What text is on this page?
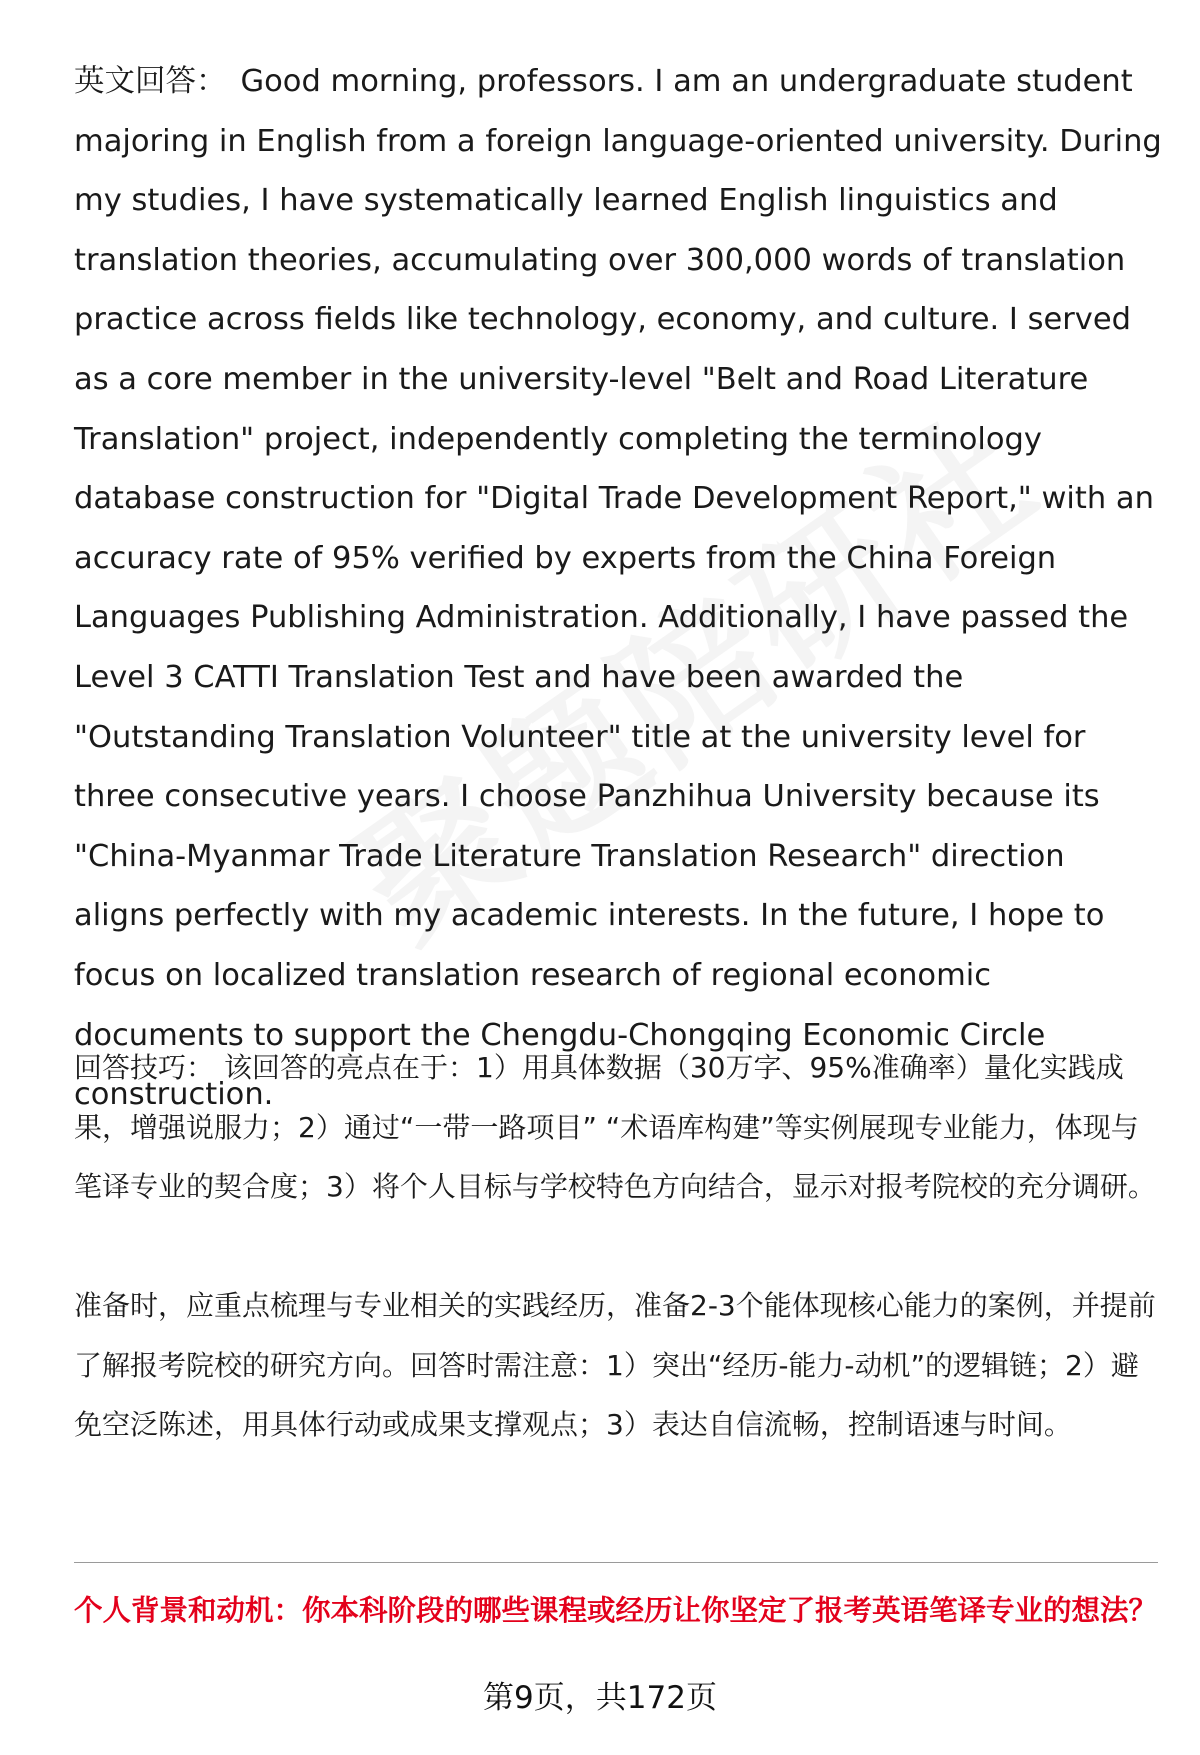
英文回答： Good morning, professors. I am an undergraduate student majoring in English from a foreign language-oriented university. During my studies, I have systematically learned English linguistics and translation theories, accumulating over 300,000 words of translation practice across fields like technology, economy, and culture. I served as a core member in the university-level "Belt and Road Literature Translation" project, independently completing the terminology database construction for "Digital Trade Development Report," with an accuracy rate of 95% verified by experts from the China Foreign Languages Publishing Administration. Additionally, I have passed the Level 3 CATTI Translation Test and have been awarded the "Outstanding Translation Volunteer" title at the university level for three consecutive years. I choose Panzhihua University because its "China-Myanmar Trade Literature Translation Research" direction aligns perfectly with my academic interests. In the future, I hope to focus on localized translation research of regional economic documents to support the Chengdu-Chongqing Economic Circle construction.

回答技巧： 该回答的亮点在于：1）用具体数据（30万字、95%准确率）量化实践成果，增强说服力；2）通过“一带一路项目” “术语库构建”等实例展现专业能力，体现与笔译专业的契合度；3）将个人目标与学校特色方向结合，显示对报考院校的充分调研。

准备时，应重点梳理与专业相关的实践经历，准备2-3个能体现核心能力的案例，并提前了解报考院校的研究方向。回答时需注意：1）突出“经历-能力-动机”的逻辑链；2）避免空泛陈述，用具体行动或成果支撑观点；3）表达自信流畅，控制语速与时间。

个人背景和动机：你本科阶段的哪些课程或经历让你坚定了报考英语笔译专业的想法？

第9页，共172页
